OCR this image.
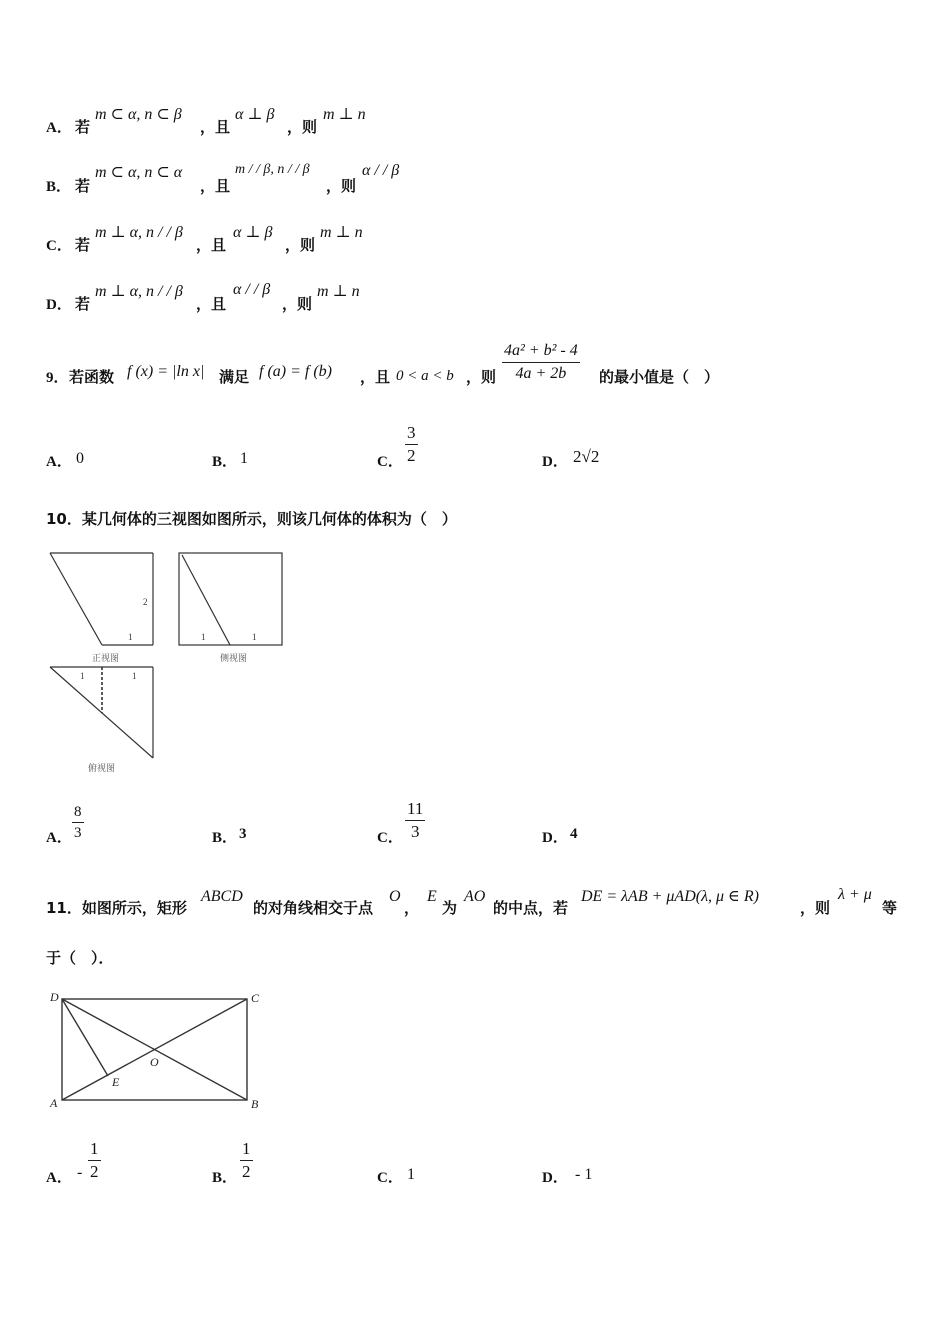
A． 若
m ⊂ α, n ⊂ β
，且
α ⊥ β
，则
m ⊥ n
B． 若
m ⊂ α, n ⊂ α
，且
m / / β, n / / β
，则
α / / β
C． 若
m ⊥ α, n / / β
，且
α ⊥ β
，则
m ⊥ n
D． 若
m ⊥ α, n / / β
，且
α / / β
，则
m ⊥ n
9． 若函数 f (x) = |ln x| 满足 f (a) = f (b) ，且 0 < a < b ，则 $\frac{\text{4a² + b² - 4}}{4a + 2b}$ 的最小值是（　）
A． 0	B． 1	C． $\frac{3}{2}$	D． 2√2
10．某几何体的三视图如图所示，则该几何体的体积为（　）
2
1
正视图
1	1
侧视图
1	1
俯视图
A． $\frac{8}{3}$	B． 3	C． $\frac{11}{3}$	D． 4
11．如图所示，矩形
ABCD
的对角线相交于点
O
，
E
为
AO
的中点，若
DE = λAB + μAD(λ, μ ∈ R)
，则
λ + μ
等
于（　）．
D	C
A	B
E
O
A． - $\frac{1}{2}$	B． $\frac{1}{2}$	C． 1	D． - 1
